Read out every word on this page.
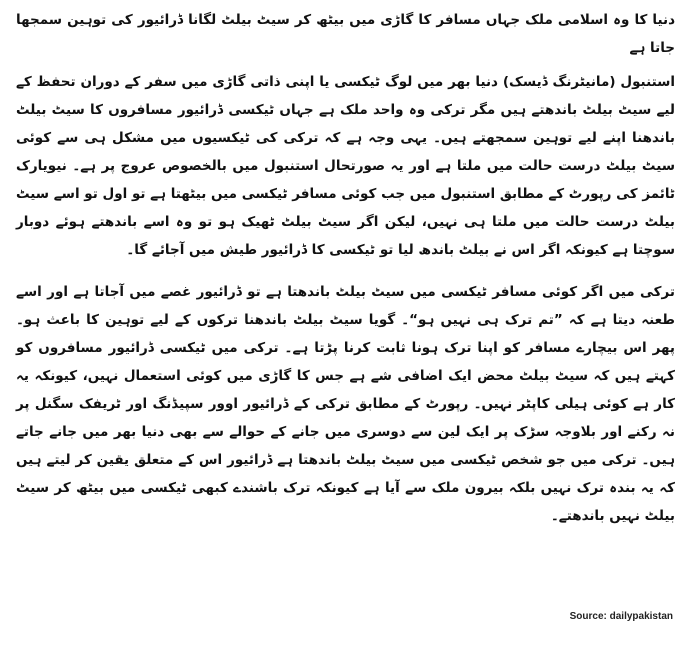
دنیا کا وہ اسلامی ملک جہاں مسافر کا گاڑی میں بیٹھ کر سیٹ بیلٹ لگانا ڈرائیور کی توہین سمجھا جاتا ہے

استنبول (مانیٹرنگ ڈیسک) دنیا بھر میں لوگ ٹیکسی یا اپنی ذاتی گاڑی میں سفر کے دوران تحفظ کے لیے سیٹ بیلٹ باندھتے ہیں مگر ترکی وہ واحد ملک ہے جہاں ٹیکسی ڈرائیور مسافروں کا سیٹ بیلٹ باندھنا اپنے لیے توہین سمجھتے ہیں۔ یہی وجہ ہے کہ ترکی کی ٹیکسیوں میں مشکل ہی سے کوئی سیٹ بیلٹ درست حالت میں ملتا ہے اور یہ صورتحال استنبول میں بالخصوص عروج پر ہے۔ نیویارک ٹائمز کی رپورٹ کے مطابق استنبول میں جب کوئی مسافر ٹیکسی میں بیٹھتا ہے تو اول تو اسے سیٹ بیلٹ درست حالت میں ملتا ہی نہیں، لیکن اگر سیٹ بیلٹ ٹھیک ہو تو وہ اسے باندھتے ہوئے دوبار سوچتا ہے کیونکہ اگر اس نے بیلٹ باندھ لیا تو ٹیکسی کا ڈرائیور طیش میں آجائے گا۔

ترکی میں اگر کوئی مسافر ٹیکسی میں سیٹ بیلٹ باندھتا ہے تو ڈرائیور غصے میں آجاتا ہے اور اسے طعنہ دیتا ہے کہ ”تم ترک ہی نہیں ہو“۔ گویا سیٹ بیلٹ باندھنا ترکوں کے لیے توہین کا باعث ہو۔ پھر اس بیچارے مسافر کو اپنا ترک ہونا ثابت کرنا پڑتا ہے۔ ترکی میں ٹیکسی ڈرائیور مسافروں کو کہتے ہیں کہ سیٹ بیلٹ محض ایک اضافی شے ہے جس کا گاڑی میں کوئی استعمال نہیں، کیونکہ یہ کار ہے کوئی ہیلی کاپٹر نہیں۔ رپورٹ کے مطابق ترکی کے ڈرائیور اوور سپیڈنگ اور ٹریفک سگنل پر نہ رکنے اور بلاوجہ سڑک پر ایک لین سے دوسری میں جانے کے حوالے سے بھی دنیا بھر میں جانے جاتے ہیں۔ ترکی میں جو شخص ٹیکسی میں سیٹ بیلٹ باندھتا ہے ڈرائیور اس کے متعلق یقین کر لیتے ہیں کہ یہ بندہ ترک نہیں بلکہ بیرون ملک سے آیا ہے کیونکہ ترک باشندے کبھی ٹیکسی میں بیٹھ کر سیٹ بیلٹ نہیں باندھتے۔

Source: dailypakistan
